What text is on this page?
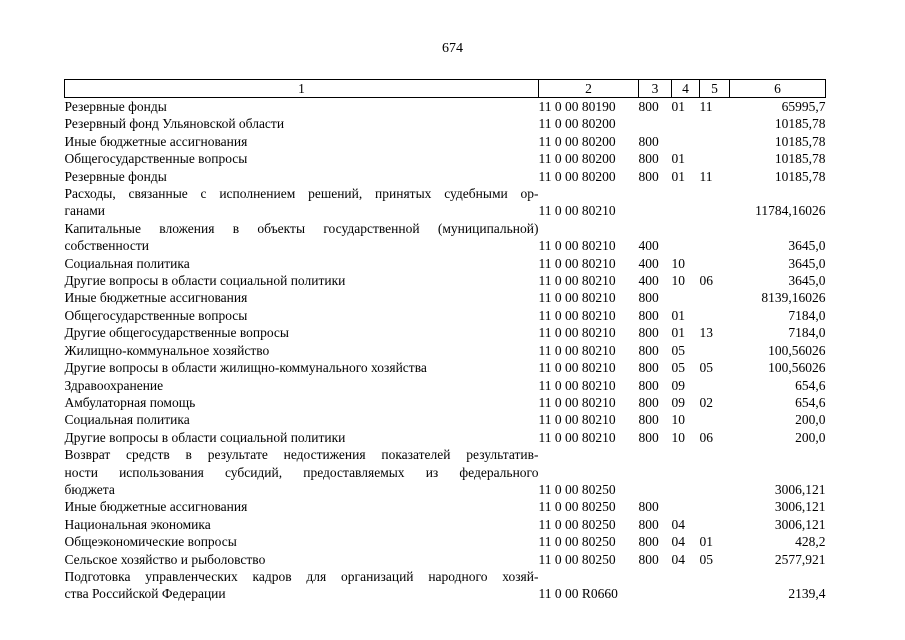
674
1	2	3	4	5	6

Резервные фонды	11 0 00 80190	800	01	11	65995,7

Резервный фонд Ульяновской области	11 0 00 80200				10185,78

Иные бюджетные ассигнования	11 0 00 80200	800			10185,78

Общегосударственные вопросы	11 0 00 80200	800	01		10185,78

Резервные фонды	11 0 00 80200	800	01	11	10185,78

Расходы, связанные с исполнением решений, принятых судебными ор-
ганами	11 0 00 80210				11784,16026

Капитальные вложения в объекты государственной (муниципальной)
собственности	11 0 00 80210	400			3645,0

Социальная политика	11 0 00 80210	400	10		3645,0

Другие вопросы в области социальной политики	11 0 00 80210	400	10	06	3645,0

Иные бюджетные ассигнования	11 0 00 80210	800			8139,16026

Общегосударственные вопросы	11 0 00 80210	800	01		7184,0

Другие общегосударственные вопросы	11 0 00 80210	800	01	13	7184,0

Жилищно-коммунальное хозяйство	11 0 00 80210	800	05		100,56026

Другие вопросы в области жилищно-коммунального хозяйства	11 0 00 80210	800	05	05	100,56026

Здравоохранение	11 0 00 80210	800	09		654,6

Амбулаторная помощь	11 0 00 80210	800	09	02	654,6

Социальная политика	11 0 00 80210	800	10		200,0

Другие вопросы в области социальной политики	11 0 00 80210	800	10	06	200,0

Возврат средств в результате недостижения показателей результатив-
ности использования субсидий, предоставляемых из федерального
бюджета	11 0 00 80250				3006,121

Иные бюджетные ассигнования	11 0 00 80250	800			3006,121

Национальная экономика	11 0 00 80250	800	04		3006,121

Общеэкономические вопросы	11 0 00 80250	800	04	01	428,2

Сельское хозяйство и рыболовство	11 0 00 80250	800	04	05	2577,921

Подготовка управленческих кадров для организаций народного хозяй-
ства Российской Федерации	11 0 00 R0660				2139,4
